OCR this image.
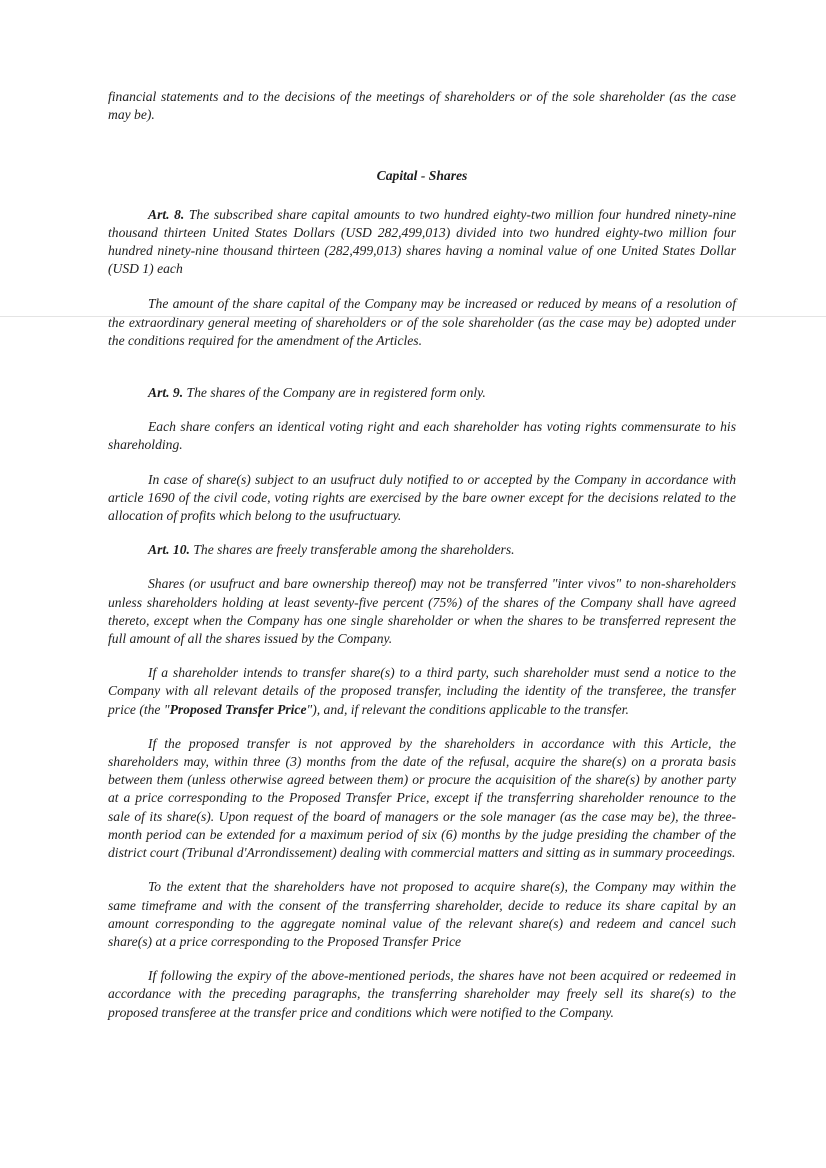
financial statements and to the decisions of the meetings of shareholders or of the sole shareholder (as the case may be).

Capital - Shares

Art. 8. The subscribed share capital amounts to two hundred eighty-two million four hundred ninety-nine thousand thirteen United States Dollars (USD 282,499,013) divided into two hundred eighty-two million four hundred ninety-nine thousand thirteen (282,499,013) shares having a nominal value of one United States Dollar (USD 1) each

The amount of the share capital of the Company may be increased or reduced by means of a resolution of the extraordinary general meeting of shareholders or of the sole shareholder (as the case may be) adopted under the conditions required for the amendment of the Articles.

Art. 9. The shares of the Company are in registered form only.

Each share confers an identical voting right and each shareholder has voting rights commensurate to his shareholding.

In case of share(s) subject to an usufruct duly notified to or accepted by the Company in accordance with article 1690 of the civil code, voting rights are exercised by the bare owner except for the decisions related to the allocation of profits which belong to the usufructuary.

Art. 10. The shares are freely transferable among the shareholders.

Shares (or usufruct and bare ownership thereof) may not be transferred "inter vivos" to non-shareholders unless shareholders holding at least seventy-five percent (75%) of the shares of the Company shall have agreed thereto, except when the Company has one single shareholder or when the shares to be transferred represent the full amount of all the shares issued by the Company.

If a shareholder intends to transfer share(s) to a third party, such shareholder must send a notice to the Company with all relevant details of the proposed transfer, including the identity of the transferee, the transfer price (the "Proposed Transfer Price"), and, if relevant the conditions applicable to the transfer.

If the proposed transfer is not approved by the shareholders in accordance with this Article, the shareholders may, within three (3) months from the date of the refusal, acquire the share(s) on a prorata basis between them (unless otherwise agreed between them) or procure the acquisition of the share(s) by another party at a price corresponding to the Proposed Transfer Price, except if the transferring shareholder renounce to the sale of its share(s). Upon request of the board of managers or the sole manager (as the case may be), the three-month period can be extended for a maximum period of six (6) months by the judge presiding the chamber of the district court (Tribunal d'Arrondissement) dealing with commercial matters and sitting as in summary proceedings.

To the extent that the shareholders have not proposed to acquire share(s), the Company may within the same timeframe and with the consent of the transferring shareholder, decide to reduce its share capital by an amount corresponding to the aggregate nominal value of the relevant share(s) and redeem and cancel such share(s) at a price corresponding to the Proposed Transfer Price

If following the expiry of the above-mentioned periods, the shares have not been acquired or redeemed in accordance with the preceding paragraphs, the transferring shareholder may freely sell its share(s) to the proposed transferee at the transfer price and conditions which were notified to the Company.
